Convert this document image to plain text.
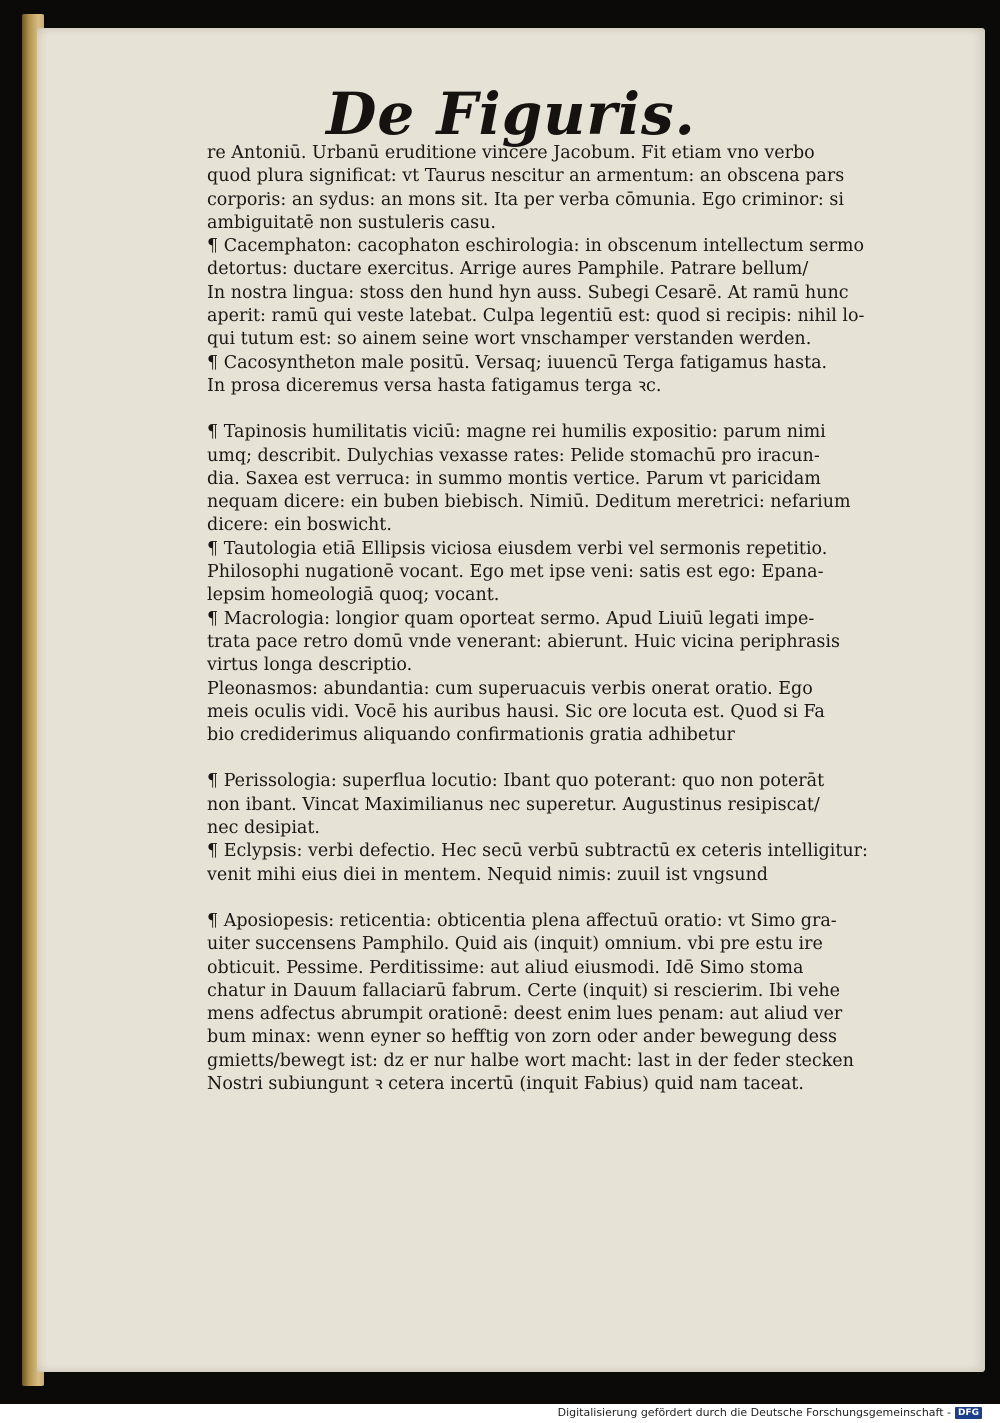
De Figuris.
re Antoniū. Urbanū eruditione vincere Jacobum. Fit etiam vno verbo
quod plura significat: vt Taurus nescitur an armentum: an obscena pars
corporis: an sydus: an mons sit. Ita per verba cōmunia. Ego criminor: si
ambiguitatē non sustuleris casu.
¶ Cacemphaton: cacophaton eschirologia: in obscenum intellectum sermo
detortus: ductare exercitus. Arrige aures Pamphile. Patrare bellum/
In nostra lingua: stoss den hund hyn auss. Subegi Cesarē. At ramū hunc
aperit: ramū qui veste latebat. Culpa legentiū est: quod si recipis: nihil lo-
qui tutum est: so ainem seine wort vnschamper verstanden werden.
¶ Cacosyntheton male positū. Versaq; iuuencū Terga fatigamus hasta.
In prosa diceremus versa hasta fatigamus terga ꝛc.
¶ Tapinosis humilitatis viciū: magne rei humilis expositio: parum nimi
umq; describit. Dulychias vexasse rates: Pelide stomachū pro iracun-
dia. Saxea est verruca: in summo montis vertice. Parum vt paricidam
nequam dicere: ein buben biebisch. Nimiū. Deditum meretrici: nefarium
dicere: ein boswicht.
¶ Tautologia etiā Ellipsis viciosa eiusdem verbi vel sermonis repetitio.
Philosophi nugationē vocant. Ego met ipse veni: satis est ego: Epana-
lepsim homeologiā quoq; vocant.
¶ Macrologia: longior quam oporteat sermo. Apud Liuiū legati impe-
trata pace retro domū vnde venerant: abierunt. Huic vicina periphrasis
virtus longa descriptio.
Pleonasmos: abundantia: cum superuacuis verbis onerat oratio. Ego
meis oculis vidi. Vocē his auribus hausi. Sic ore locuta est. Quod si Fa
bio crediderimus aliquando confirmationis gratia adhibetur
¶ Perissologia: superflua locutio: Ibant quo poterant: quo non poterāt
non ibant. Vincat Maximilianus nec superetur. Augustinus resipiscat/
nec desipiat.
¶ Eclypsis: verbi defectio. Hec secū verbū subtractū ex ceteris intelligitur:
venit mihi eius diei in mentem. Nequid nimis: zuuil ist vngsund
¶ Aposiopesis: reticentia: obticentia plena affectuū oratio: vt Simo gra-
uiter succensens Pamphilo. Quid ais (inquit) omnium. vbi pre estu ire
obticuit. Pessime. Perditissime: aut aliud eiusmodi. Idē Simo stoma
chatur in Dauum fallaciarū fabrum. Certe (inquit) si rescierim. Ibi vehe
mens adfectus abrumpit orationē: deest enim lues penam: aut aliud ver
bum minax: wenn eyner so hefftig von zorn oder ander bewegung dess
gmietts/bewegt ist: dz er nur halbe wort macht: last in der feder stecken
Nostri subiungunt ꝛ cetera incertū (inquit Fabius) quid nam taceat.
Digitalisierung gefördert durch die Deutsche Forschungsgemeinschaft - DFG
